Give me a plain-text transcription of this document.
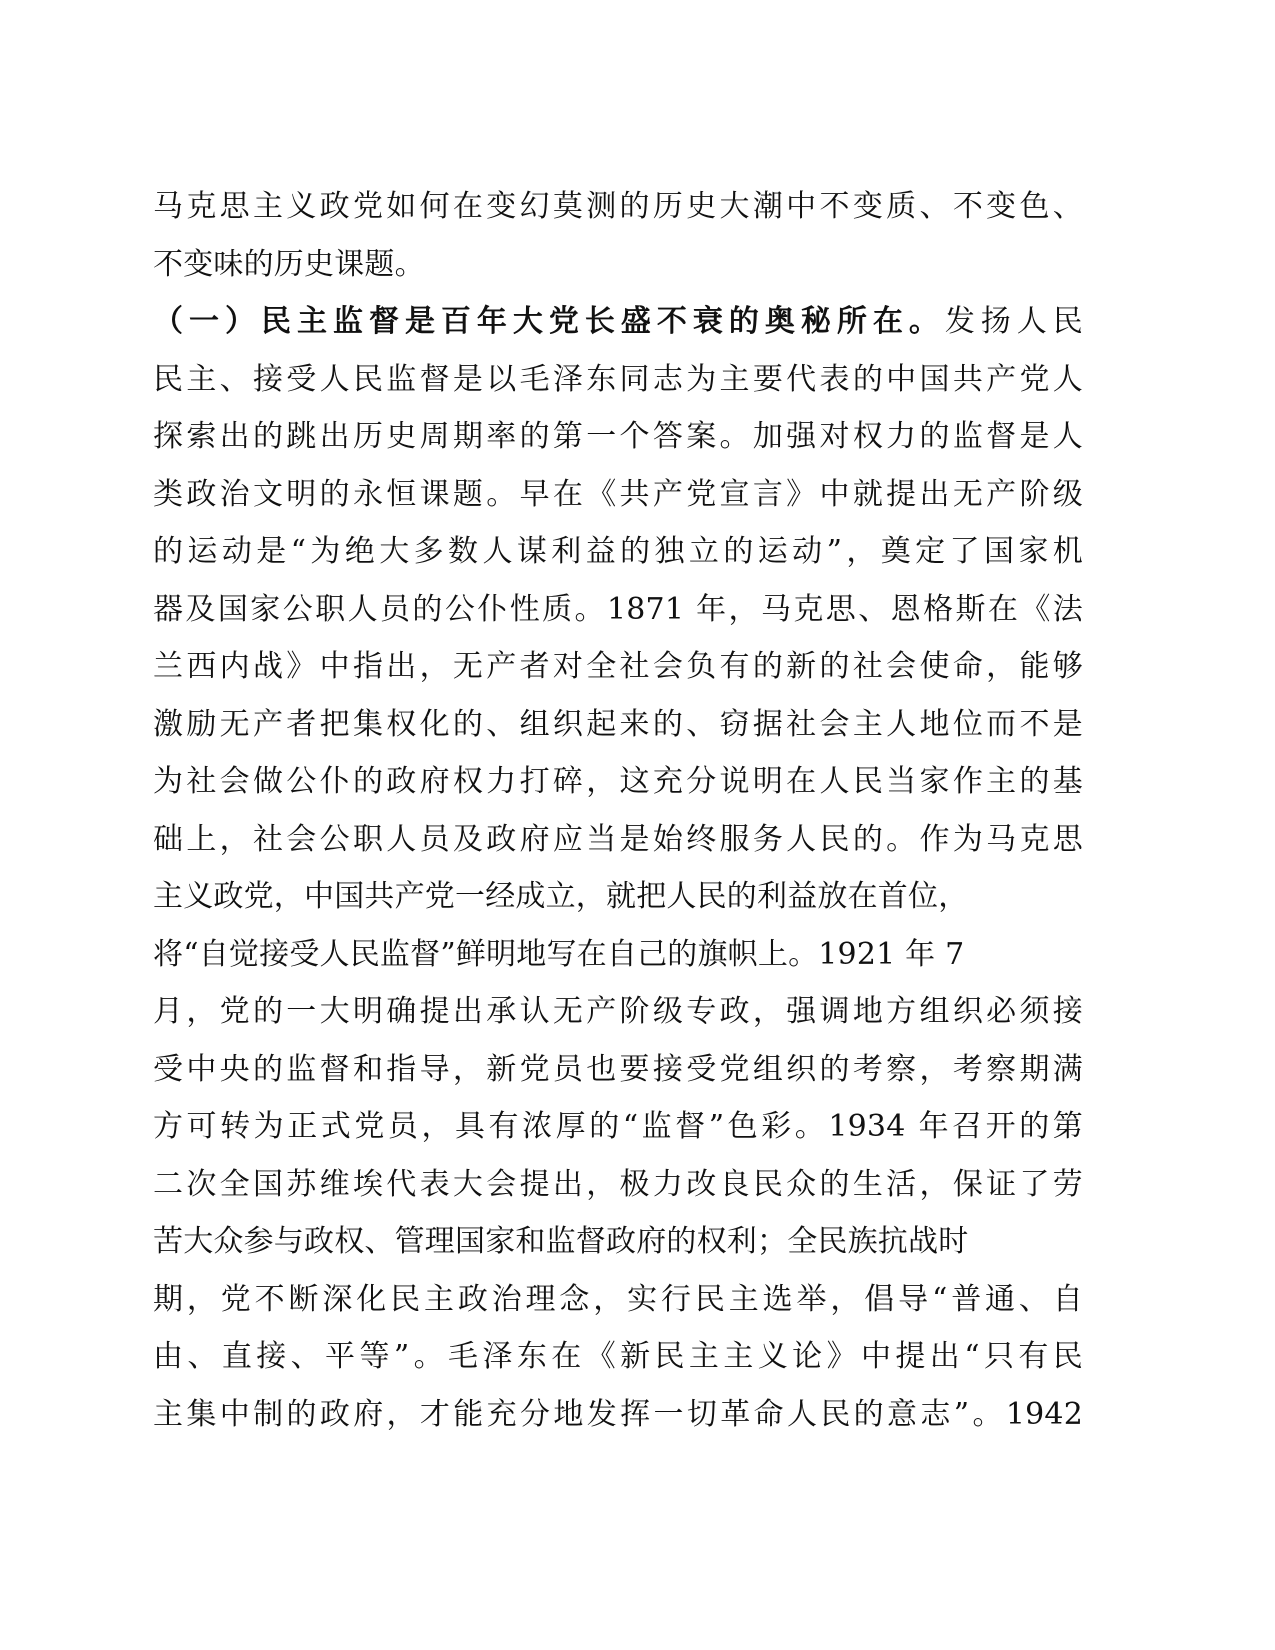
马克思主义政党如何在变幻莫测的历史大潮中不变质、不变色、
不变味的历史课题。
（一）民主监督是百年大党长盛不衰的奥秘所在。发扬人民
民主、接受人民监督是以毛泽东同志为主要代表的中国共产党人
探索出的跳出历史周期率的第一个答案。加强对权力的监督是人
类政治文明的永恒课题。早在《共产党宣言》中就提出无产阶级
的运动是“为绝大多数人谋利益的独立的运动”，奠定了国家机
器及国家公职人员的公仆性质。1871 年，马克思、恩格斯在《法
兰西内战》中指出，无产者对全社会负有的新的社会使命，能够
激励无产者把集权化的、组织起来的、窃据社会主人地位而不是
为社会做公仆的政府权力打碎，这充分说明在人民当家作主的基
础上，社会公职人员及政府应当是始终服务人民的。作为马克思
主义政党，中国共产党一经成立，就把人民的利益放在首位，
将“自觉接受人民监督”鲜明地写在自己的旗帜上。1921 年 7
月，党的一大明确提出承认无产阶级专政，强调地方组织必须接
受中央的监督和指导，新党员也要接受党组织的考察，考察期满
方可转为正式党员，具有浓厚的“监督”色彩。1934 年召开的第
二次全国苏维埃代表大会提出，极力改良民众的生活，保证了劳
苦大众参与政权、管理国家和监督政府的权利；全民族抗战时
期，党不断深化民主政治理念，实行民主选举，倡导“普通、自
由、直接、平等”。毛泽东在《新民主主义论》中提出“只有民
主集中制的政府，才能充分地发挥一切革命人民的意志”。1942
